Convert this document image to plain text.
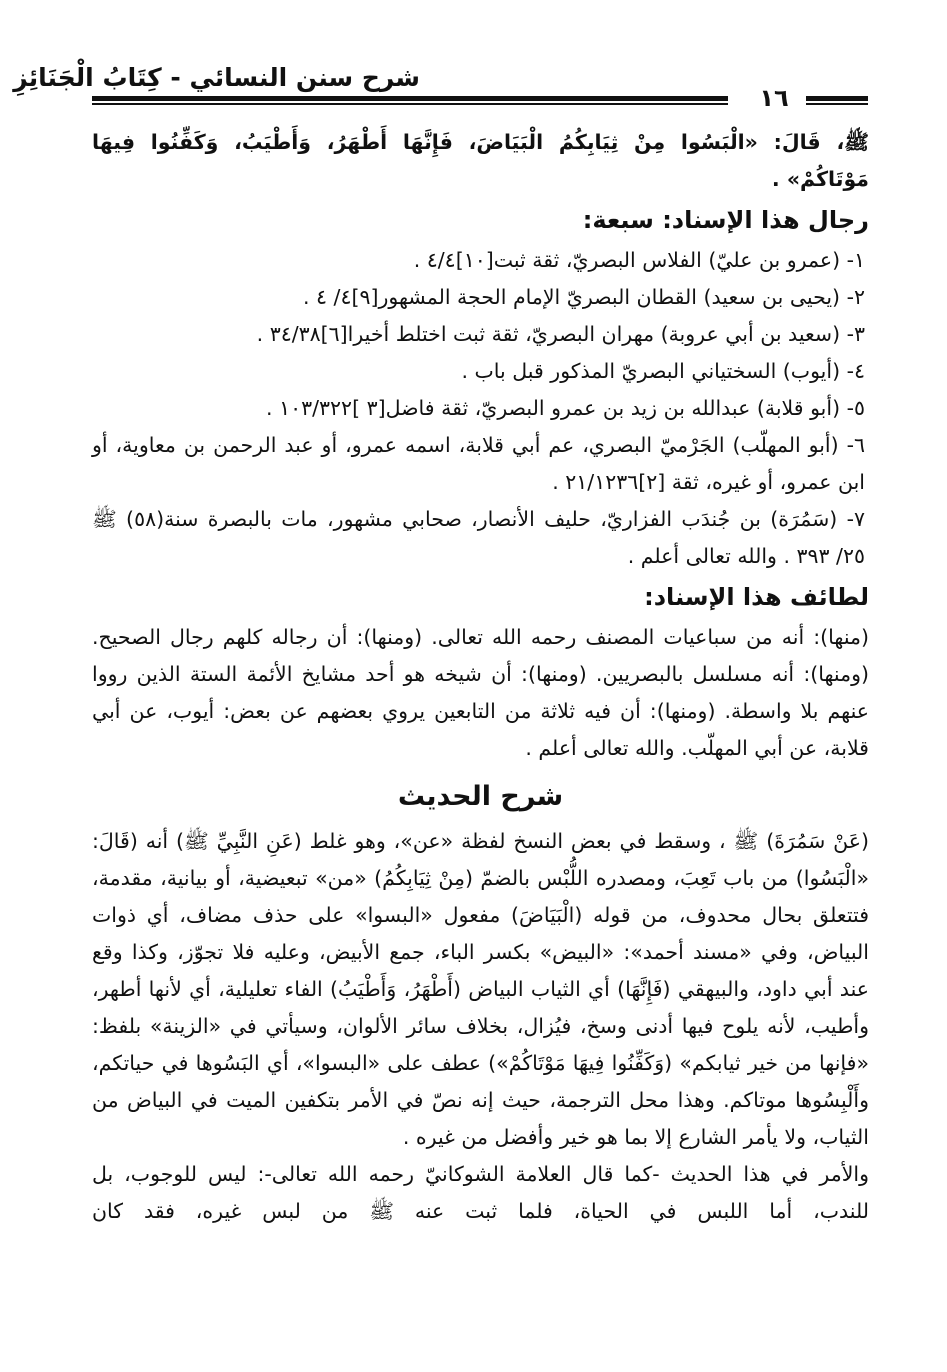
شرح سنن النسائي - كِتَابُ الْجَنَائِزِ
١٦

ﷺ، قَالَ: «الْبَسُوا مِنْ ثِيَابِكُمُ الْبَيَاضَ، فَإِنَّهَا أَطْهَرُ، وَأَطْيَبُ، وَكَفِّنُوا فِيهَا مَوْتَاكُمْ» .

رجال هذا الإسناد: سبعة:
١- (عمرو بن عليّ) الفلاس البصريّ، ثقة ثبت[١٠]٤/٤ .
٢- (يحيى بن سعيد) القطان البصريّ الإمام الحجة المشهور[٩]٤/ ٤ .
٣- (سعيد بن أبي عروبة) مهران البصريّ، ثقة ثبت اختلط أخيرا[٦]٣٤/٣٨ .
٤- (أيوب) السختياني البصريّ المذكور قبل باب .
٥- (أبو قلابة) عبدالله بن زيد بن عمرو البصريّ، ثقة فاضل[٣ ]١٠٣/٣٢٢ .
٦- (أبو المهلّب) الجَرْميّ البصري، عم أبي قلابة، اسمه عمرو، أو عبد الرحمن بن معاوية، أو ابن عمرو، أو غيره، ثقة [٢]٢١/١٢٣٦ .
٧- (سَمُرَة) بن جُندَب الفزاريّ، حليف الأنصار، صحابي مشهور، مات بالبصرة سنة(٥٨) ﷺ ٢٥/ ٣٩٣ . والله تعالى أعلم .
لطائف هذا الإسناد:

(منها): أنه من سباعيات المصنف رحمه الله تعالى. (ومنها): أن رجاله كلهم رجال الصحيح. (ومنها): أنه مسلسل بالبصريين. (ومنها): أن شيخه هو أحد مشايخ الأئمة الستة الذين رووا عنهم بلا واسطة. (ومنها): أن فيه ثلاثة من التابعين يروي بعضهم عن بعض: أيوب، عن أبي قلابة، عن أبي المهلّب. والله تعالى أعلم .

شرح الحديث

(عَنْ سَمُرَةَ) ﷺ ، وسقط في بعض النسخ لفظة «عن»، وهو غلط (عَنِ النَّبِيِّ ﷺ) أنه (قَالَ: «الْبَسُوا) من باب تَعِبَ، ومصدره اللُّبْس بالضمّ (مِنْ ثِيَابِكُمُ) «من» تبعيضية، أو بيانية، مقدمة، فتتعلق بحال محدوف، من قوله (الْبَيَاضَ) مفعول «البسوا» على حذف مضاف، أي ذوات البياض، وفي «مسند أحمد»: «البيض» بكسر الباء، جمع الأبيض، وعليه فلا تجوّز، وكذا وقع عند أبي داود، والبيهقي (فَإِنَّهَا) أي الثياب البياض (أَطْهَرُ، وَأَطْيَبُ) الفاء تعليلية، أي لأنها أطهر، وأطيب، لأنه يلوح فيها أدنى وسخ، فيُزال، بخلاف سائر الألوان، وسيأتي في «الزينة» بلفظ: «فإنها من خير ثيابكم» (وَكَفِّنُوا فِيهَا مَوْتَاكُمْ») عطف على «البسوا»، أي البَسُوها في حياتكم، وأَلْبِسُوها موتاكم. وهذا محل الترجمة، حيث إنه نصّ في الأمر بتكفين الميت في البياض من الثياب، ولا يأمر الشارع إلا بما هو خير وأفضل من غيره .

والأمر في هذا الحديث -كما قال العلامة الشوكانيّ رحمه الله تعالى-: ليس للوجوب، بل للندب، أما اللبس في الحياة، فلما ثبت عنه ﷺ من لبس غيره، فقد كان
